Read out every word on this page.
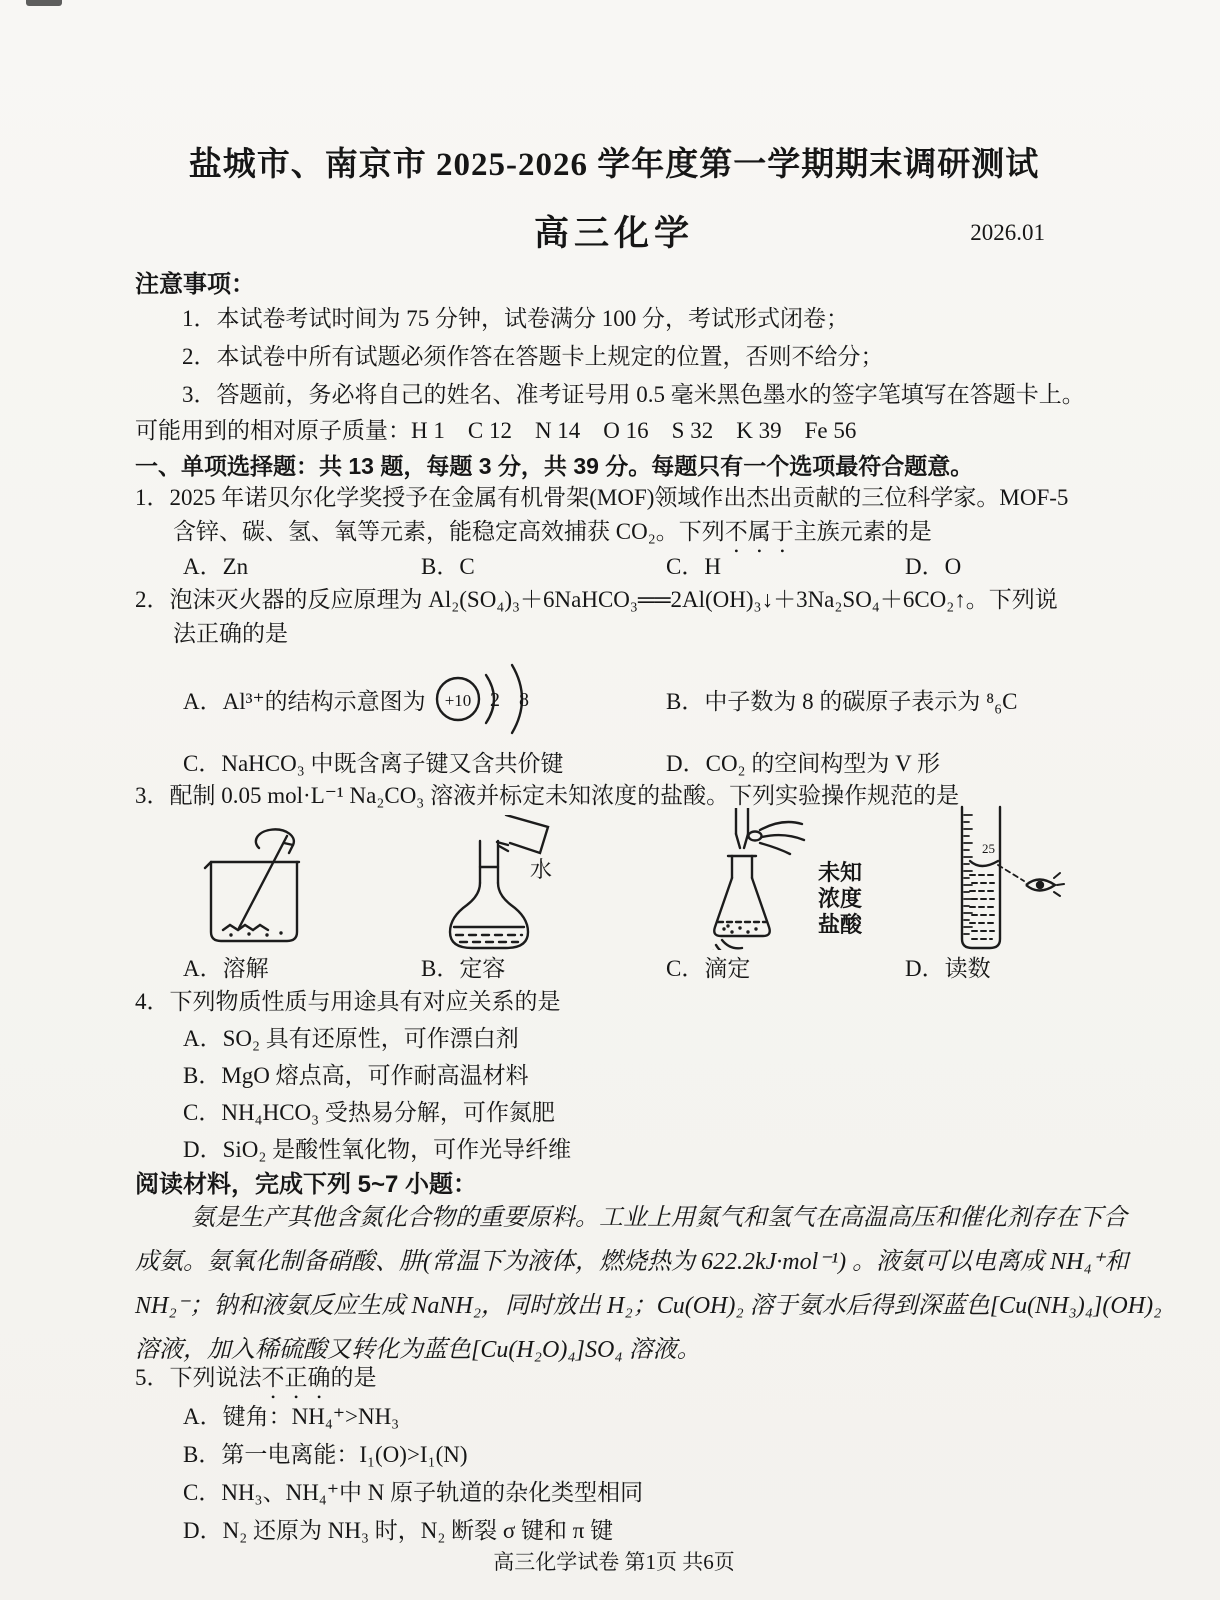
盐城市、南京市 2025-2026 学年度第一学期期末调研测试
高三化学	2026.01
注意事项：
1．本试卷考试时间为 75 分钟，试卷满分 100 分，考试形式闭卷；
2．本试卷中所有试题必须作答在答题卡上规定的位置，否则不给分；
3．答题前，务必将自己的姓名、准考证号用 0.5 毫米黑色墨水的签字笔填写在答题卡上。
可能用到的相对原子质量：H 1　C 12　N 14　O 16　S 32　K 39　Fe 56
一、单项选择题：共 13 题，每题 3 分，共 39 分。每题只有一个选项最符合题意。
1．2025 年诺贝尔化学奖授予在金属有机骨架(MOF)领域作出杰出贡献的三位科学家。MOF-5
含锌、碳、氢、氧等元素，能稳定高效捕获 CO₂。下列不属于主族元素的是
A．Zn	B．C	C．H	D．O
2．泡沫灭火器的反应原理为 Al₂(SO₄)₃＋6NaHCO₃══2Al(OH)₃↓＋3Na₂SO₄＋6CO₂↑。下列说
法正确的是
A．Al³⁺的结构示意图为 +10 2 8	B．中子数为 8 的碳原子表示为 ⁸₆C
C．NaHCO₃ 中既含离子键又含共价键	D．CO₂ 的空间构型为 V 形
3．配制 0.05 mol·L⁻¹ Na₂CO₃ 溶液并标定未知浓度的盐酸。下列实验操作规范的是
水	未知
浓度
盐酸
25
A．溶解	B．定容	C．滴定	D．读数
4．下列物质性质与用途具有对应关系的是
A．SO₂ 具有还原性，可作漂白剂
B．MgO 熔点高，可作耐高温材料
C．NH₄HCO₃ 受热易分解，可作氮肥
D．SiO₂ 是酸性氧化物，可作光导纤维
阅读材料，完成下列 5~7 小题：
氨是生产其他含氮化合物的重要原料。工业上用氮气和氢气在高温高压和催化剂存在下合
成氨。氨氧化制备硝酸、肼(常温下为液体，燃烧热为 622.2kJ·mol⁻¹) 。液氨可以电离成 NH₄⁺和
NH₂⁻；钠和液氨反应生成 NaNH₂，同时放出 H₂；Cu(OH)₂ 溶于氨水后得到深蓝色[Cu(NH₃)₄](OH)₂
溶液，加入稀硫酸又转化为蓝色[Cu(H₂O)₄]SO₄ 溶液。
5．下列说法不正确的是
A．键角：NH₄⁺>NH₃
B．第一电离能：I₁(O)>I₁(N)
C．NH₃、NH₄⁺中 N 原子轨道的杂化类型相同
D．N₂ 还原为 NH₃ 时，N₂ 断裂 σ 键和 π 键
高三化学试卷 第1页 共6页
